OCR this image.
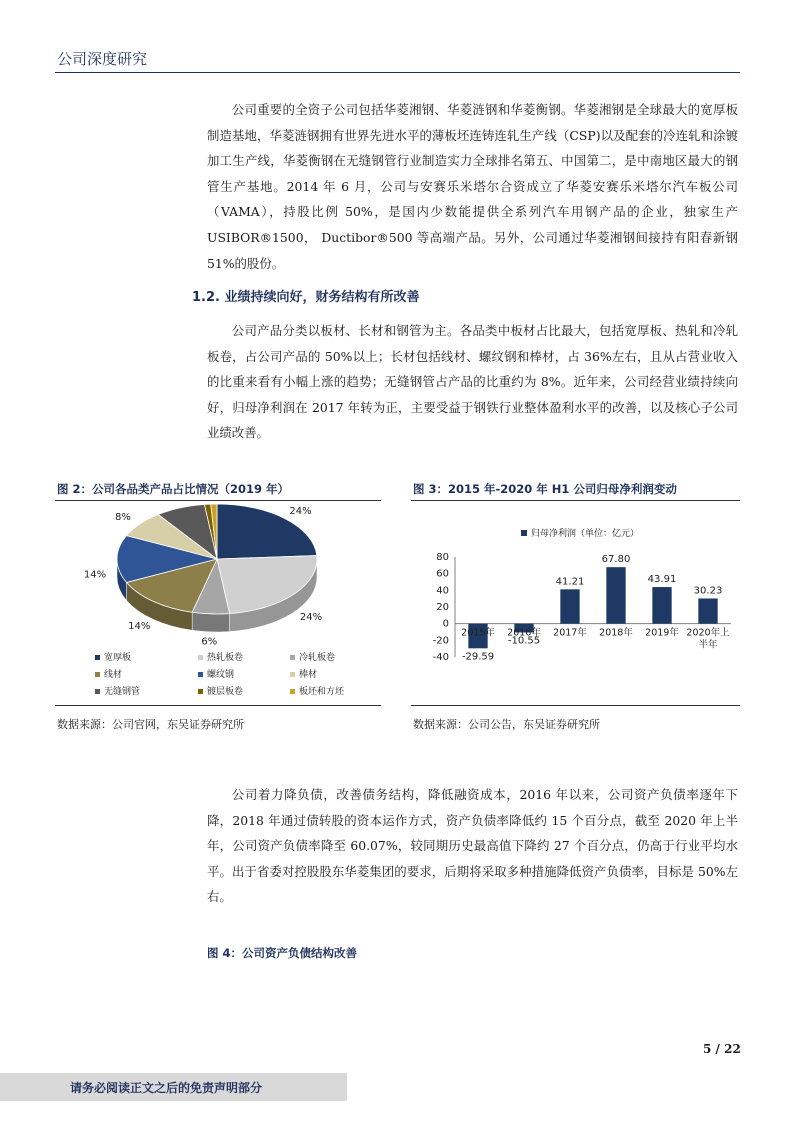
公司深度研究
公司重要的全资子公司包括华菱湘钢、华菱涟钢和华菱衡钢。华菱湘钢是全球最大的宽厚板制造基地，华菱涟钢拥有世界先进水平的薄板坯连铸连轧生产线（CSP)以及配套的冷连轧和涂镀加工生产线，华菱衡钢在无缝钢管行业制造实力全球排名第五、中国第二，是中南地区最大的钢管生产基地。2014 年 6 月，公司与安赛乐米塔尔合资成立了华菱安赛乐米塔尔汽车板公司（VAMA），持股比例 50%，是国内少数能提供全系列汽车用钢产品的企业，独家生产 USIBOR®1500， Ductibor®500 等高端产品。另外，公司通过华菱湘钢间接持有阳春新钢 51%的股份。
1.2. 业绩持续向好，财务结构有所改善
公司产品分类以板材、长材和钢管为主。各品类中板材占比最大，包括宽厚板、热轧和冷轧板卷，占公司产品的 50%以上；长材包括线材、螺纹钢和棒材，占 36%左右，且从占营业收入的比重来看有小幅上涨的趋势；无缝钢管占产品的比重约为 8%。近年来，公司经营业绩持续向好，归母净利润在 2017 年转为正，主要受益于钢铁行业整体盈利水平的改善，以及核心子公司业绩改善。
图 2：公司各品类产品占比情况（2019 年）
24%
24%
6%
14%
14%
8%
宽厚板	热轧板卷	冷轧板卷
线材	螺纹钢	棒材
无缝钢管	镀层板卷	板坯和方坯
数据来源：公司官网，东吴证券研究所
图 3：2015 年-2020 年 H1 公司归母净利润变动
归母净利润（单位：亿元）
80
60
40
20
0
-20
-40 -29.59
2015年
-10.55
2016年
41.21
2017年
67.80
2018年
43.91
2019年
30.23
2020年上
半年
数据来源：公司公告，东吴证券研究所
公司着力降负债，改善债务结构，降低融资成本，2016 年以来，公司资产负债率逐年下降，2018 年通过债转股的资本运作方式，资产负债率降低约 15 个百分点，截至 2020 年上半年，公司资产负债率降至 60.07%，较同期历史最高值下降约 27 个百分点，仍高于行业平均水平。出于省委对控股股东华菱集团的要求，后期将采取多种措施降低资产负债率，目标是 50%左右。
图 4：公司资产负债结构改善
5 / 22
请务必阅读正文之后的免责声明部分
